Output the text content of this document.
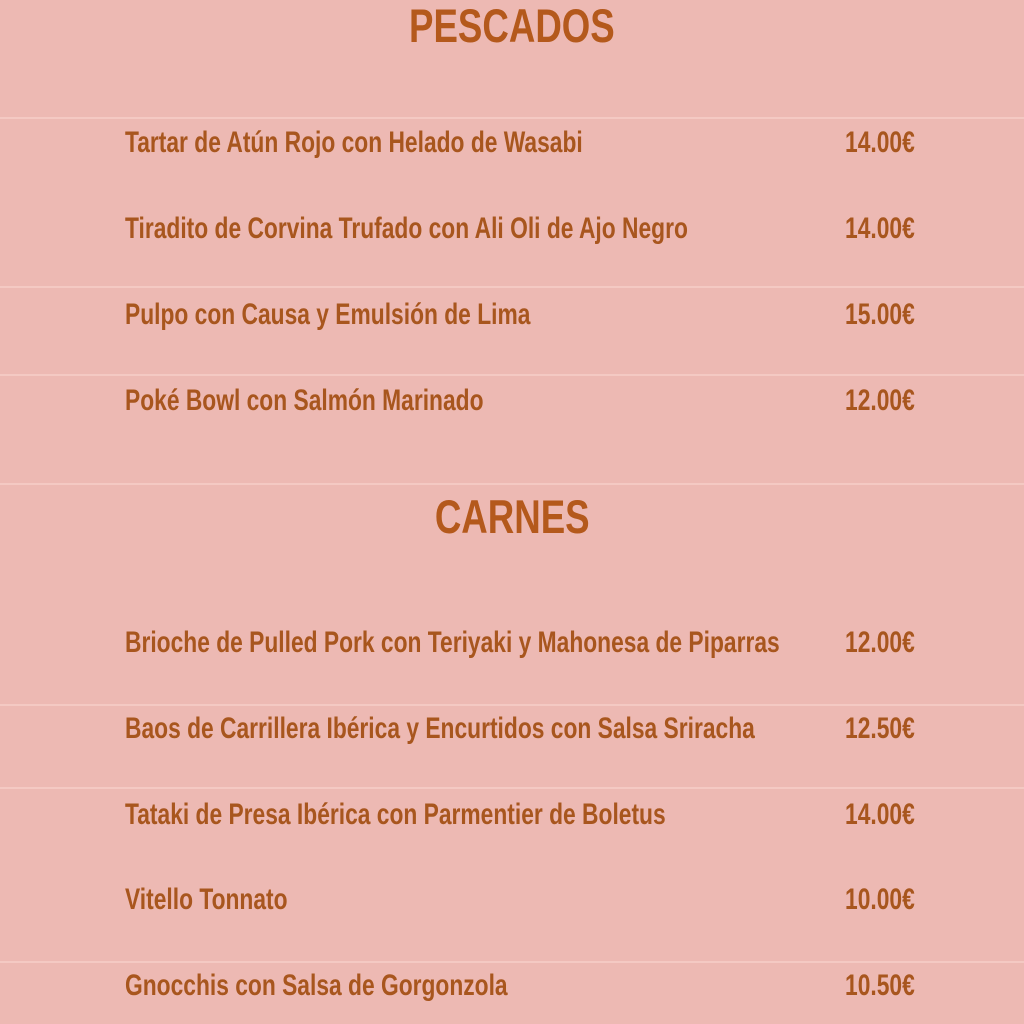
PESCADOS
Tartar de Atún Rojo con Helado de Wasabi	14.00€
Tiradito de Corvina Trufado con Ali Oli de Ajo Negro	14.00€
Pulpo con Causa y Emulsión de Lima	15.00€
Poké Bowl con Salmón Marinado	12.00€
CARNES
Brioche de Pulled Pork con Teriyaki y Mahonesa de Piparras 12.00€
Baos de Carrillera Ibérica y Encurtidos con Salsa Sriracha	12.50€
Tataki de Presa Ibérica con Parmentier de Boletus	14.00€
Vitello Tonnato	10.00€
Gnocchis con Salsa de Gorgonzola	10.50€
